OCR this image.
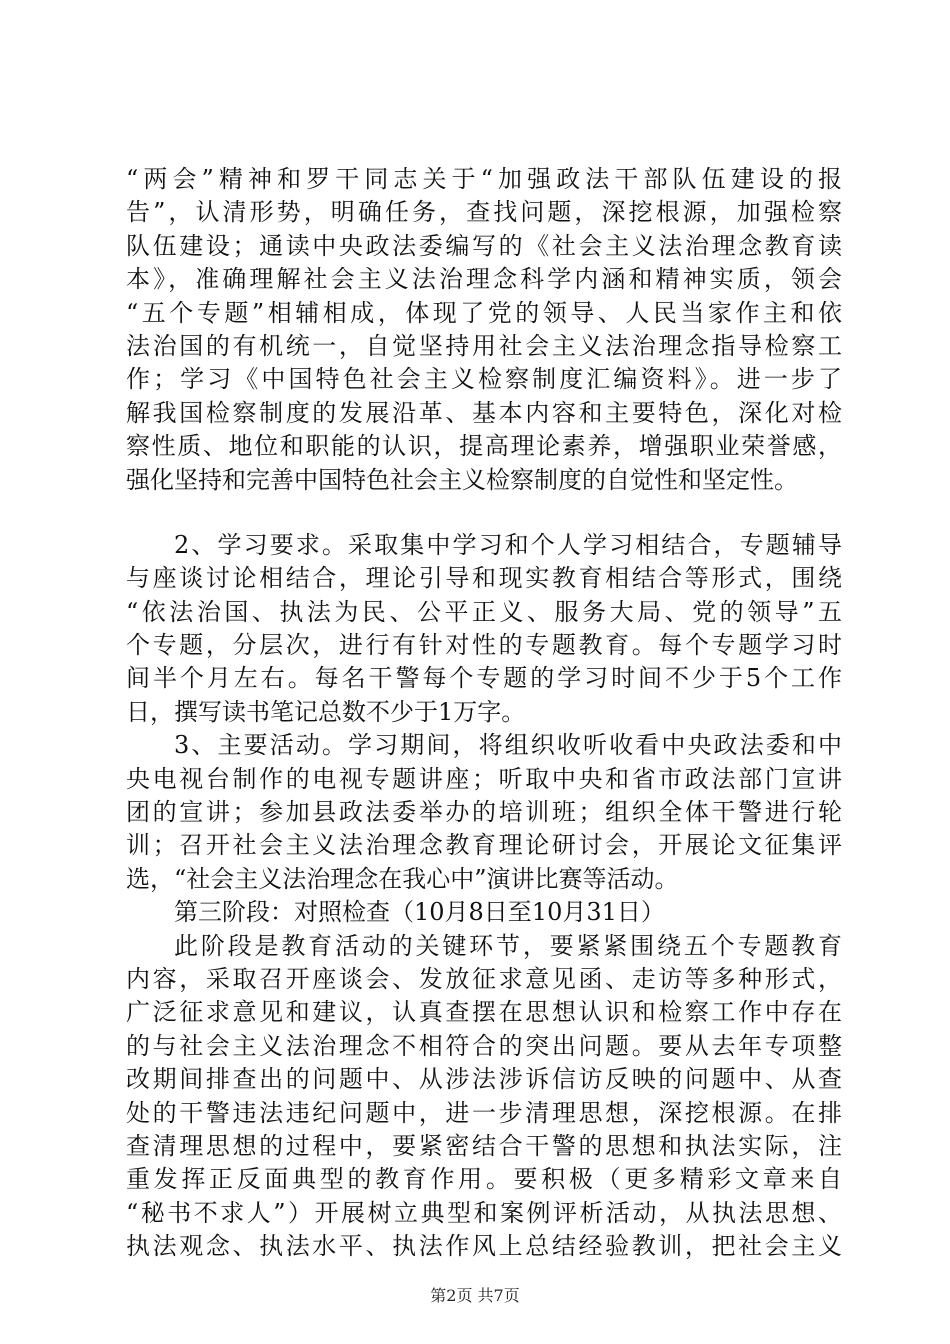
“两会”精神和罗干同志关于“加强政法干部队伍建设的报
告”，认清形势，明确任务，查找问题，深挖根源，加强检察
队伍建设；通读中央政法委编写的《社会主义法治理念教育读
本》，准确理解社会主义法治理念科学内涵和精神实质，领会
“五个专题”相辅相成，体现了党的领导、人民当家作主和依
法治国的有机统一，自觉坚持用社会主义法治理念指导检察工
作；学习《中国特色社会主义检察制度汇编资料》。进一步了
解我国检察制度的发展沿革、基本内容和主要特色，深化对检
察性质、地位和职能的认识，提高理论素养，增强职业荣誉感，
强化坚持和完善中国特色社会主义检察制度的自觉性和坚定性。
2、学习要求。采取集中学习和个人学习相结合，专题辅导
与座谈讨论相结合，理论引导和现实教育相结合等形式，围绕
“依法治国、执法为民、公平正义、服务大局、党的领导”五
个专题，分层次，进行有针对性的专题教育。每个专题学习时
间半个月左右。每名干警每个专题的学习时间不少于5个工作
日，撰写读书笔记总数不少于1万字。
3、主要活动。学习期间，将组织收听收看中央政法委和中
央电视台制作的电视专题讲座；听取中央和省市政法部门宣讲
团的宣讲；参加县政法委举办的培训班；组织全体干警进行轮
训；召开社会主义法治理念教育理论研讨会，开展论文征集评
选，“社会主义法治理念在我心中”演讲比赛等活动。
第三阶段：对照检查（10月8日至10月31日）
此阶段是教育活动的关键环节，要紧紧围绕五个专题教育
内容，采取召开座谈会、发放征求意见函、走访等多种形式，
广泛征求意见和建议，认真查摆在思想认识和检察工作中存在
的与社会主义法治理念不相符合的突出问题。要从去年专项整
改期间排查出的问题中、从涉法涉诉信访反映的问题中、从查
处的干警违法违纪问题中，进一步清理思想，深挖根源。在排
查清理思想的过程中，要紧密结合干警的思想和执法实际，注
重发挥正反面典型的教育作用。要积极（更多精彩文章来自
“秘书不求人”）开展树立典型和案例评析活动，从执法思想、
执法观念、执法水平、执法作风上总结经验教训，把社会主义
第2页 共7页
